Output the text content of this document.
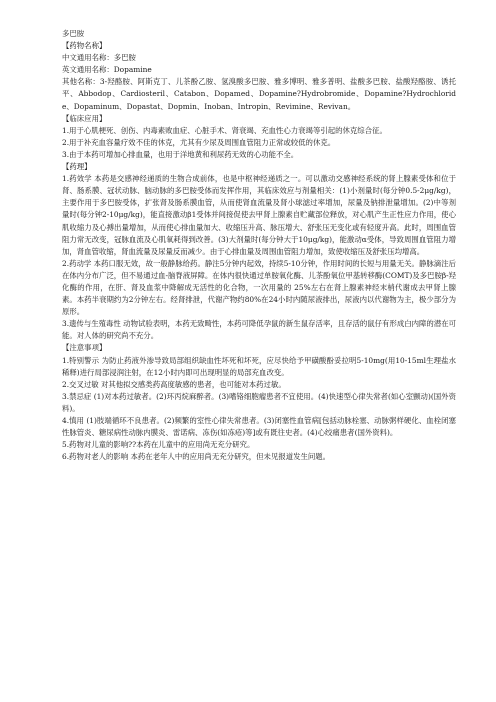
多巴胺
【药物名称】
中文通用名称：多巴胺
英文通用名称：Dopamine
其他名称：3-羟酪胺、阿斯克丁、儿茶酚乙胺、氢溴酸多巴胺、雅多博明、雅多普明、盐酸多巴胺、盐酸羟酪胺、诱托平、Abbodop、Cardiosteril、Catabon、Dopamed、Dopamine?Hydrobromide、Dopamine?Hydrochloride、Dopaminum、Dopastat、Dopmin、Inoban、Intropin、Revimine、Revivan。
【临床应用】
1.用于心肌梗死、创伤、内毒素败血症、心脏手术、肾衰竭、充血性心力衰竭等引起的休克综合征。
2.用于补充血容量疗效不佳的休克，尤其有少尿及周围血管阻力正常或较低的休克。
3.由于本药可增加心排血量，也用于洋地黄和利尿药无效的心功能不全。
【药理】
1.药效学 本药是交感神经递质的生物合成前体，也是中枢神经递质之一。可以激动交感神经系统的肾上腺素受体和位于肾、肠系膜、冠状动脉、脑动脉的多巴胺受体而发挥作用，其临床效应与剂量相关：(1)小剂量时(每分钟0.5-2μg/kg)，主要作用于多巴胺受体，扩张肾及肠系膜血管，从而使肾血流量及肾小球滤过率增加，尿量及钠排泄量增加。(2)中等剂量时(每分钟2-10μg/kg)，能直接激动β1受体并间接促使去甲肾上腺素自贮藏部位释放，对心肌产生正性应力作用，使心肌收缩力及心搏出量增加，从而使心排血量加大、收缩压升高、脉压增大、舒张压无变化或有轻度升高。此时，周围血管阻力常无改变，冠脉血流及心肌氧耗得到改善。(3)大剂量时(每分钟大于10μg/kg)，能激动α受体，导致周围血管阻力增加，肾血管收缩，肾血流量及尿量反而减少。由于心排血量及周围血管阻力增加，致使收缩压及舒张压均增高。
2.药动学 本药口服无效，故一般静脉给药。静注5分钟内起效，持续5-10分钟，作用时间的长短与用量无关。静脉滴注后在体内分布广泛，但不易通过血-脑脊液屏障。在体内很快通过单胺氧化酶、儿茶酚氧位甲基转移酶(COMT)及多巴胺β-羟化酶的作用，在肝、肾及血浆中降解成无活性的化合物，一次用量的 25%左右在肾上腺素神经末梢代谢成去甲肾上腺素。本药半衰期约为2分钟左右。经肾排泄，代谢产物约80%在24小时内随尿液排出，尿液内以代谢物为主，极少部分为原形。
3.遗传与生殖毒性 动物试验表明，本药无致畸性，本药可降低孕鼠的新生鼠存活率，且存活的鼠仔有形成白内障的潜在可能。对人体的研究尚不充分。
【注意事项】
1.特别警示 为防止药液外渗导致局部组织缺血性坏死和坏死，应尽快给予甲磺酸酚妥拉明5-10mg(用10-15ml生理盐水稀释)进行局部浸润注射，在12小时内即可出现明显的局部充血改变。
2.交叉过敏 对其他拟交感类药高度敏感的患者，也可能对本药过敏。
3.禁忌症 (1)对本药过敏者。(2)环丙烷麻醉者。(3)嗜铬细胞瘤患者不宜使用。(4)快速型心律失常者(如心室颤动)(国外资料)。
4.慎用 (1)肢端循环不良患者。(2)频繁的室性心律失常患者。(3)闭塞性血管病[包括动脉栓塞、动脉粥样硬化、血栓闭塞性脉管炎、糖尿病性动脉内膜炎、雷诺病、冻伤(如冻疮)等]或有既往史者。(4)心绞痛患者(国外资料)。
5.药物对儿童的影响??本药在儿童中的应用尚无充分研究。
6.药物对老人的影响 本药在老年人中的应用尚无充分研究，但未见报道发生问题。
